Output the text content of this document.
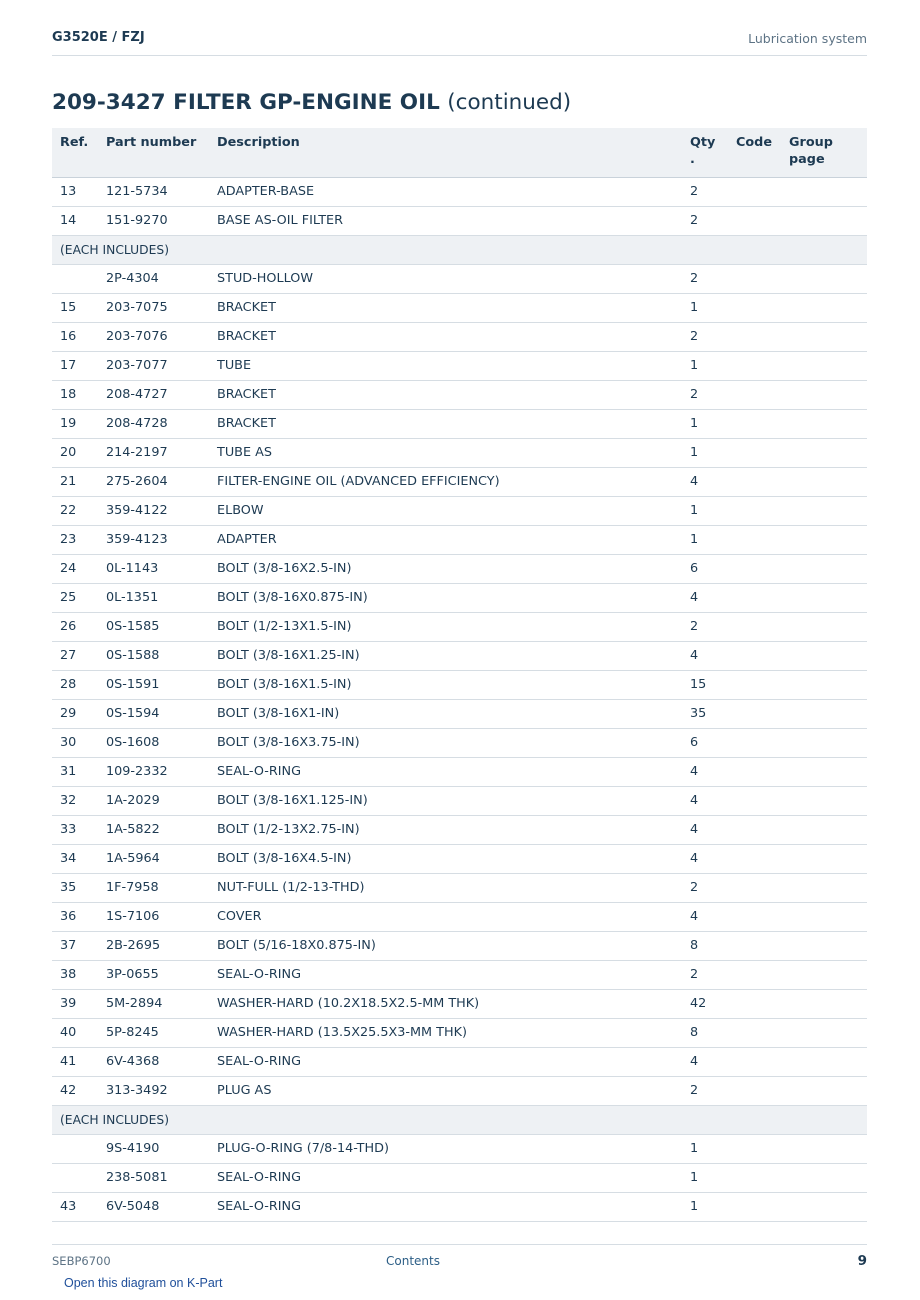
G3520E / FZJ	Lubrication system
209-3427 FILTER GP-ENGINE OIL (continued)
Ref.	Part number	Description	Qty .	Code	Group page
13	121-5734	ADAPTER-BASE	2		
14	151-9270	BASE AS-OIL FILTER	2		
(EACH INCLUDES)					
	2P-4304	STUD-HOLLOW	2		
15	203-7075	BRACKET	1		
16	203-7076	BRACKET	2		
17	203-7077	TUBE	1		
18	208-4727	BRACKET	2		
19	208-4728	BRACKET	1		
20	214-2197	TUBE AS	1		
21	275-2604	FILTER-ENGINE OIL (ADVANCED EFFICIENCY)	4		
22	359-4122	ELBOW	1		
23	359-4123	ADAPTER	1		
24	0L-1143	BOLT (3/8-16X2.5-IN)	6		
25	0L-1351	BOLT (3/8-16X0.875-IN)	4		
26	0S-1585	BOLT (1/2-13X1.5-IN)	2		
27	0S-1588	BOLT (3/8-16X1.25-IN)	4		
28	0S-1591	BOLT (3/8-16X1.5-IN)	15		
29	0S-1594	BOLT (3/8-16X1-IN)	35		
30	0S-1608	BOLT (3/8-16X3.75-IN)	6		
31	109-2332	SEAL-O-RING	4		
32	1A-2029	BOLT (3/8-16X1.125-IN)	4		
33	1A-5822	BOLT (1/2-13X2.75-IN)	4		
34	1A-5964	BOLT (3/8-16X4.5-IN)	4		
35	1F-7958	NUT-FULL (1/2-13-THD)	2		
36	1S-7106	COVER	4		
37	2B-2695	BOLT (5/16-18X0.875-IN)	8		
38	3P-0655	SEAL-O-RING	2		
39	5M-2894	WASHER-HARD (10.2X18.5X2.5-MM THK)	42		
40	5P-8245	WASHER-HARD (13.5X25.5X3-MM THK)	8		
41	6V-4368	SEAL-O-RING	4		
42	313-3492	PLUG AS	2		
(EACH INCLUDES)					
	9S-4190	PLUG-O-RING (7/8-14-THD)	1		
	238-5081	SEAL-O-RING	1		
43	6V-5048	SEAL-O-RING	1		
SEBP6700	Contents	9
Open this diagram on K-Part
